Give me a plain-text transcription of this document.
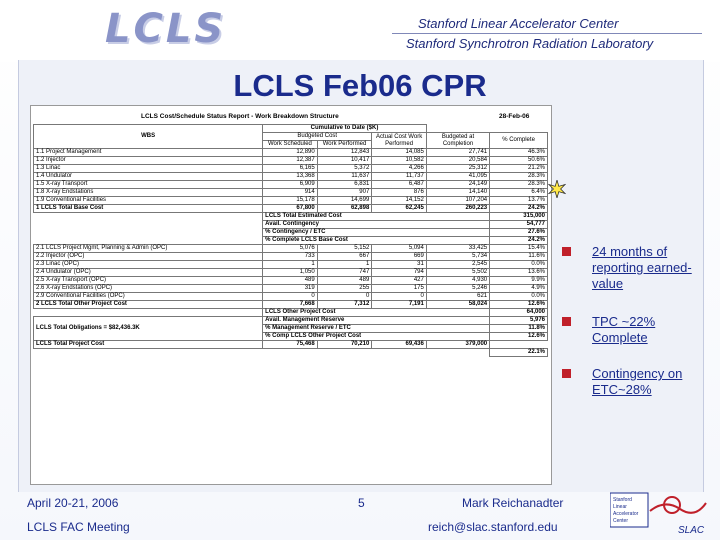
LCLS	Stanford Linear Accelerator Center
Stanford Synchrotron Radiation Laboratory
LCLS Feb06 CPR
LCLS Cost/Schedule Status Report - Work Breakdown Structure	28-Feb-06
WBS	Cumulative to Date ($K)				
	Budgeted Cost		Actual Cost Work Performed	Budgeted at Completion	% Complete
	Work Scheduled	Work Performed			
1.1 Project Management	12,890	12,843	14,085	27,741	46.3%
1.2 Injector	12,387	10,417	10,582	20,584	50.6%
1.3 Linac	6,165	5,372	4,266	25,312	21.2%
1.4 Undulator	13,368	11,637	11,737	41,095	28.3%
1.5 X-ray Transport	6,909	6,831	6,487	24,149	28.3%
1.8 X-ray Endstations	914	907	876	14,140	6.4%
1.9 Conventional Facilities	15,178	14,699	14,152	107,204	13.7%
1 LCLS Total Base Cost	67,800	62,898	62,245	260,223	24.2%
	LCLS Total Estimated Cost				315,000
	Avail. Contingency				54,777
	% Contingency / ETC				27.6%
	% Complete LCLS Base Cost				24.2%
2.1 LCLS Project Mgmt, Planning & Admin (OPC)	5,076	5,152	5,094	33,425	15.4%
2.2 Injector (OPC)	733	667	669	5,734	11.6%
2.3 Linac (OPC)	1	1	31	2,545	0.0%
2.4 Undulator (OPC)	1,050	747	794	5,502	13.6%
2.5 X-ray Transport (OPC)	489	489	427	4,930	9.9%
2.6 X-ray Endstations (OPC)	319	255	175	5,246	4.9%
2.9 Conventional Facilities (OPC)	0	0	0	621	0.0%
2 LCLS Total Other Project Cost	7,668	7,312	7,191	58,024	12.6%
	LCLS Other Project Cost				64,000
LCLS Total Obligations = $82,436.3K	Avail. Management Reserve				5,976
	% Management Reserve / ETC				11.8%
	% Comp LCLS Other Project Cost				12.6%
LCLS Total Project Cost	75,468	70,210	69,436	379,000	
					22.1%
24 months of reporting earned-value
TPC ~22% Complete
Contingency on ETC~28%
April 20-21, 2006
LCLS FAC Meeting
5	Mark Reichanadter
reich@slac.stanford.edu
Stanford
Linear
Accelerator
Center
SLAC
